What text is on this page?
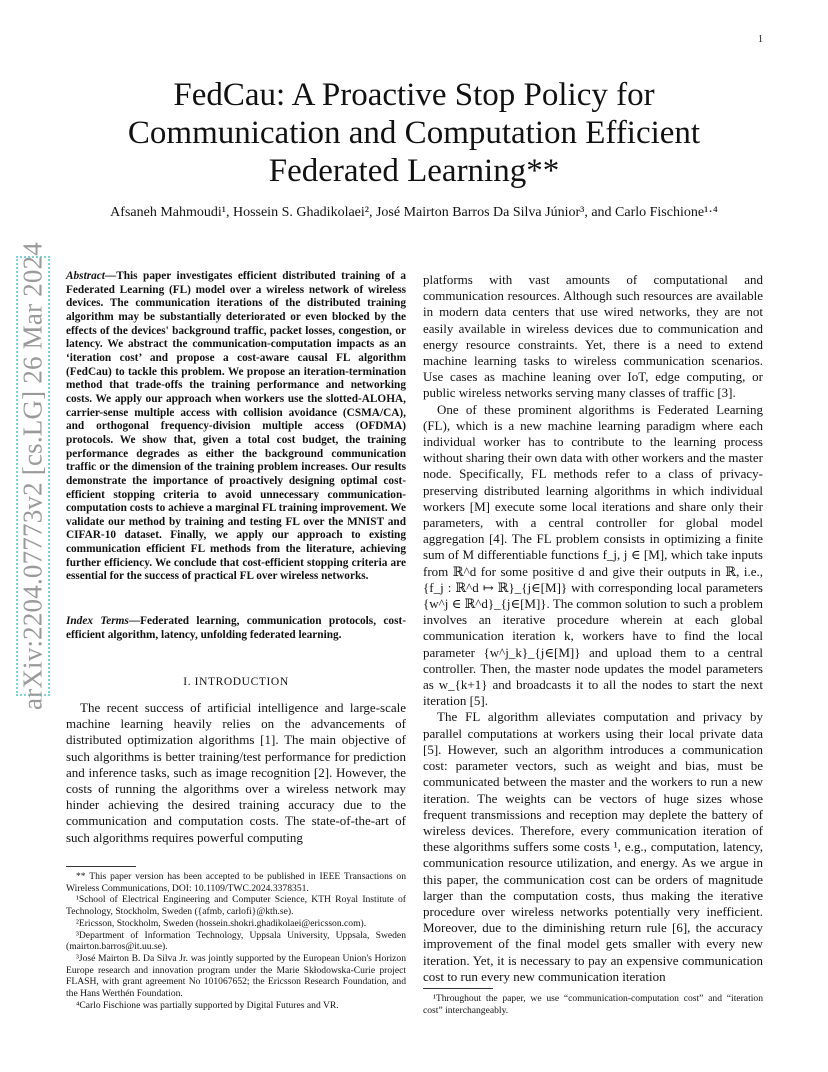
1
arXiv:2204.07773v2 [cs.LG] 26 Mar 2024
FedCau: A Proactive Stop Policy for
Communication and Computation Efficient
Federated Learning**
Afsaneh Mahmoudi¹, Hossein S. Ghadikolaei², José Mairton Barros Da Silva Júnior³, and Carlo Fischione¹·⁴
Abstract—This paper investigates efficient distributed training of a Federated Learning (FL) model over a wireless network of wireless devices. The communication iterations of the distributed training algorithm may be substantially deteriorated or even blocked by the effects of the devices' background traffic, packet losses, congestion, or latency. We abstract the communication-computation impacts as an ‘iteration cost’ and propose a cost-aware causal FL algorithm (FedCau) to tackle this problem. We propose an iteration-termination method that trade-offs the training performance and networking costs. We apply our approach when workers use the slotted-ALOHA, carrier-sense multiple access with collision avoidance (CSMA/CA), and orthogonal frequency-division multiple access (OFDMA) protocols. We show that, given a total cost budget, the training performance degrades as either the background communication traffic or the dimension of the training problem increases. Our results demonstrate the importance of proactively designing optimal cost-efficient stopping criteria to avoid unnecessary communication-computation costs to achieve a marginal FL training improvement. We validate our method by training and testing FL over the MNIST and CIFAR-10 dataset. Finally, we apply our approach to existing communication efficient FL methods from the literature, achieving further efficiency. We conclude that cost-efficient stopping criteria are essential for the success of practical FL over wireless networks.
Index Terms—Federated learning, communication protocols, cost-efficient algorithm, latency, unfolding federated learning.
I. INTRODUCTION

The recent success of artificial intelligence and large-scale machine learning heavily relies on the advancements of distributed optimization algorithms [1]. The main objective of such algorithms is better training/test performance for prediction and inference tasks, such as image recognition [2]. However, the costs of running the algorithms over a wireless network may hinder achieving the desired training accuracy due to the communication and computation costs. The state-of-the-art of such algorithms requires powerful computing

** This paper version has been accepted to be published in IEEE Transactions on Wireless Communications, DOI: 10.1109/TWC.2024.3378351.
¹School of Electrical Engineering and Computer Science, KTH Royal Institute of Technology, Stockholm, Sweden ({afmb, carlofi}@kth.se).
²Ericsson, Stockholm, Sweden (hossein.shokri.ghadikolaei@ericsson.com).
³Department of Information Technology, Uppsala University, Uppsala, Sweden (mairton.barros@it.uu.se).
³José Mairton B. Da Silva Jr. was jointly supported by the European Union's Horizon Europe research and innovation program under the Marie Skłodowska-Curie project FLASH, with grant agreement No 101067652; the Ericsson Research Foundation, and the Hans Werthén Foundation.
⁴Carlo Fischione was partially supported by Digital Futures and VR.

platforms with vast amounts of computational and communication resources. Although such resources are available in modern data centers that use wired networks, they are not easily available in wireless devices due to communication and energy resource constraints. Yet, there is a need to extend machine learning tasks to wireless communication scenarios. Use cases as machine leaning over IoT, edge computing, or public wireless networks serving many classes of traffic [3].

One of these prominent algorithms is Federated Learning (FL), which is a new machine learning paradigm where each individual worker has to contribute to the learning process without sharing their own data with other workers and the master node. Specifically, FL methods refer to a class of privacy-preserving distributed learning algorithms in which individual workers [M] execute some local iterations and share only their parameters, with a central controller for global model aggregation [4]. The FL problem consists in optimizing a finite sum of M differentiable functions f_j, j ∈ [M], which take inputs from ℝ^d for some positive d and give their outputs in ℝ, i.e., {f_j : ℝ^d ↦ ℝ}_{j∈[M]} with corresponding local parameters {w^j ∈ ℝ^d}_{j∈[M]}. The common solution to such a problem involves an iterative procedure wherein at each global communication iteration k, workers have to find the local parameter {w^j_k}_{j∈[M]} and upload them to a central controller. Then, the master node updates the model parameters as w_{k+1} and broadcasts it to all the nodes to start the next iteration [5].

The FL algorithm alleviates computation and privacy by parallel computations at workers using their local private data [5]. However, such an algorithm introduces a communication cost: parameter vectors, such as weight and bias, must be communicated between the master and the workers to run a new iteration. The weights can be vectors of huge sizes whose frequent transmissions and reception may deplete the battery of wireless devices. Therefore, every communication iteration of these algorithms suffers some costs ¹, e.g., computation, latency, communication resource utilization, and energy. As we argue in this paper, the communication cost can be orders of magnitude larger than the computation costs, thus making the iterative procedure over wireless networks potentially very inefficient. Moreover, due to the diminishing return rule [6], the accuracy improvement of the final model gets smaller with every new iteration. Yet, it is necessary to pay an expensive communication cost to run every new communication iteration

¹Throughout the paper, we use “communication-computation cost” and “iteration cost” interchangeably.
